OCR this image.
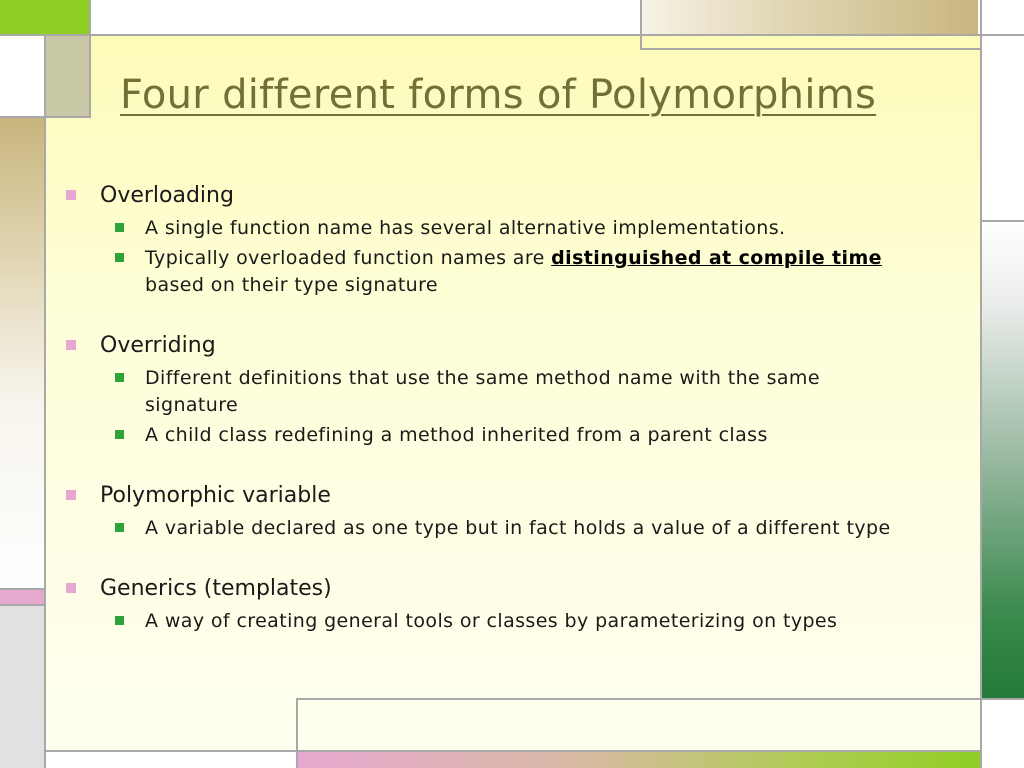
Four different forms of Polymorphims
Overloading
A single function name has several alternative implementations.
Typically overloaded function names are distinguished at compile time
based on their type signature
Overriding
Different definitions that use the same method name with the same signature
A child class redefining a method inherited from a parent class
Polymorphic variable
A variable declared as one type but in fact holds a value of a different type
Generics (templates)
A way of creating general tools or classes by parameterizing on types
